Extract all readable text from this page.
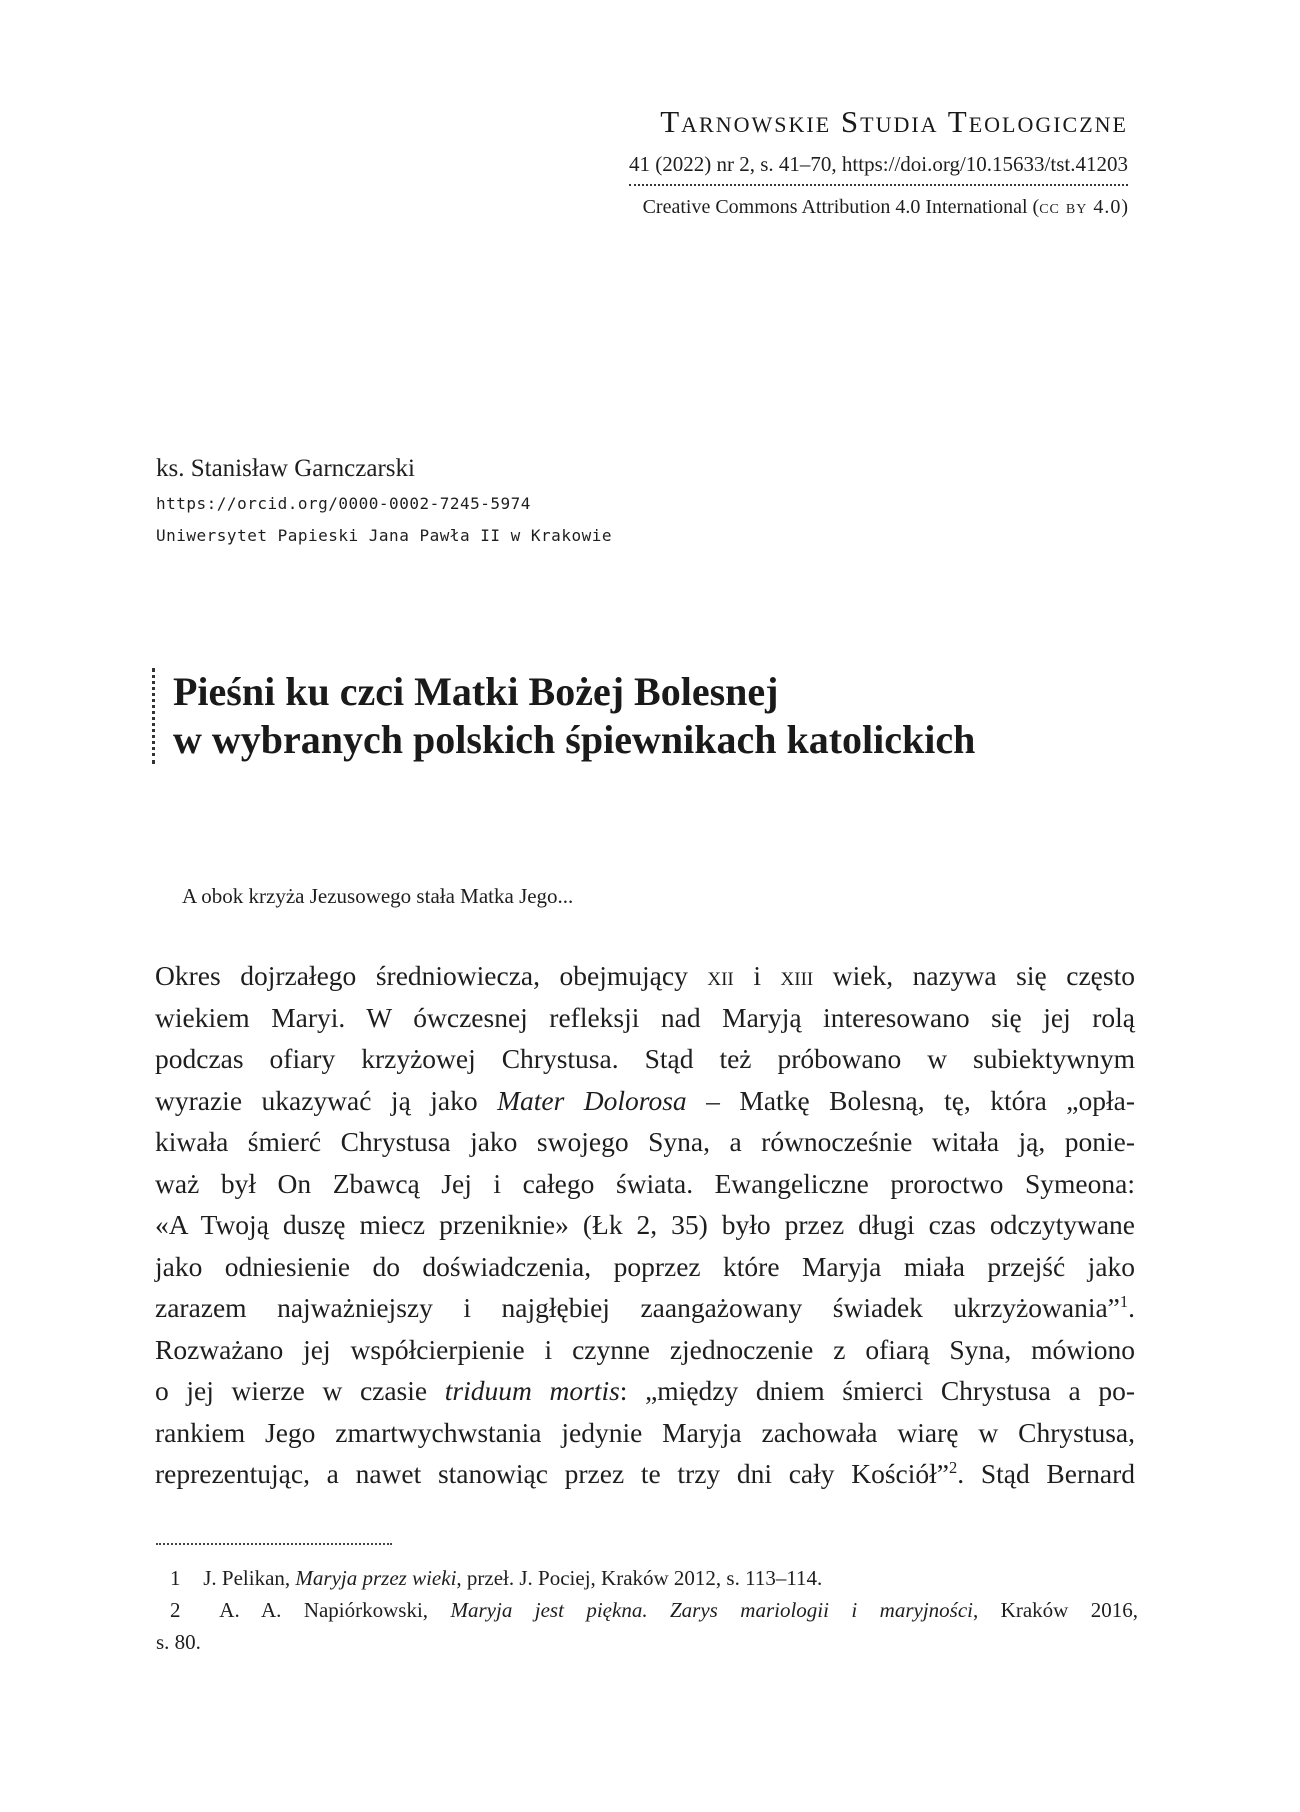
Tarnowskie Studia Teologiczne
41 (2022) nr 2, s. 41–70, https://doi.org/10.15633/tst.41203
Creative Commons Attribution 4.0 International (cc by 4.0)
ks. Stanisław Garnczarski
https://orcid.org/0000-0002-7245-5974
Uniwersytet Papieski Jana Pawła II w Krakowie
Pieśni ku czci Matki Bożej Bolesnej
w wybranych polskich śpiewnikach katolickich
A obok krzyża Jezusowego stała Matka Jego...
Okres dojrzałego średniowiecza, obejmujący xii i xiii wiek, nazywa się często
wiekiem Maryi. W ówczesnej refleksji nad Maryją interesowano się jej rolą
podczas ofiary krzyżowej Chrystusa. Stąd też próbowano w subiektywnym
wyrazie ukazywać ją jako Mater Dolorosa – Matkę Bolesną, tę, która „opła-
kiwała śmierć Chrystusa jako swojego Syna, a równocześnie witała ją, ponie-
waż był On Zbawcą Jej i całego świata. Ewangeliczne proroctwo Symeona:
«A Twoją duszę miecz przeniknie» (Łk 2, 35) było przez długi czas odczytywane
jako odniesienie do doświadczenia, poprzez które Maryja miała przejść jako
zarazem najważniejszy i najgłębiej zaangażowany świadek ukrzyżowania”$^1$.
Rozważano jej współcierpienie i czynne zjednoczenie z ofiarą Syna, mówiono
o jej wierze w czasie triduum mortis: „między dniem śmierci Chrystusa a po-
rankiem Jego zmartwychwstania jedynie Maryja zachowała wiarę w Chrystusa,
reprezentując, a nawet stanowiąc przez te trzy dni cały Kościół”$^2$. Stąd Bernard
1 J. Pelikan, Maryja przez wieki, przeł. J. Pociej, Kraków 2012, s. 113–114.
2 A. A. Napiórkowski, Maryja jest piękna. Zarys mariologii i maryjności, Kraków 2016,
s. 80.
